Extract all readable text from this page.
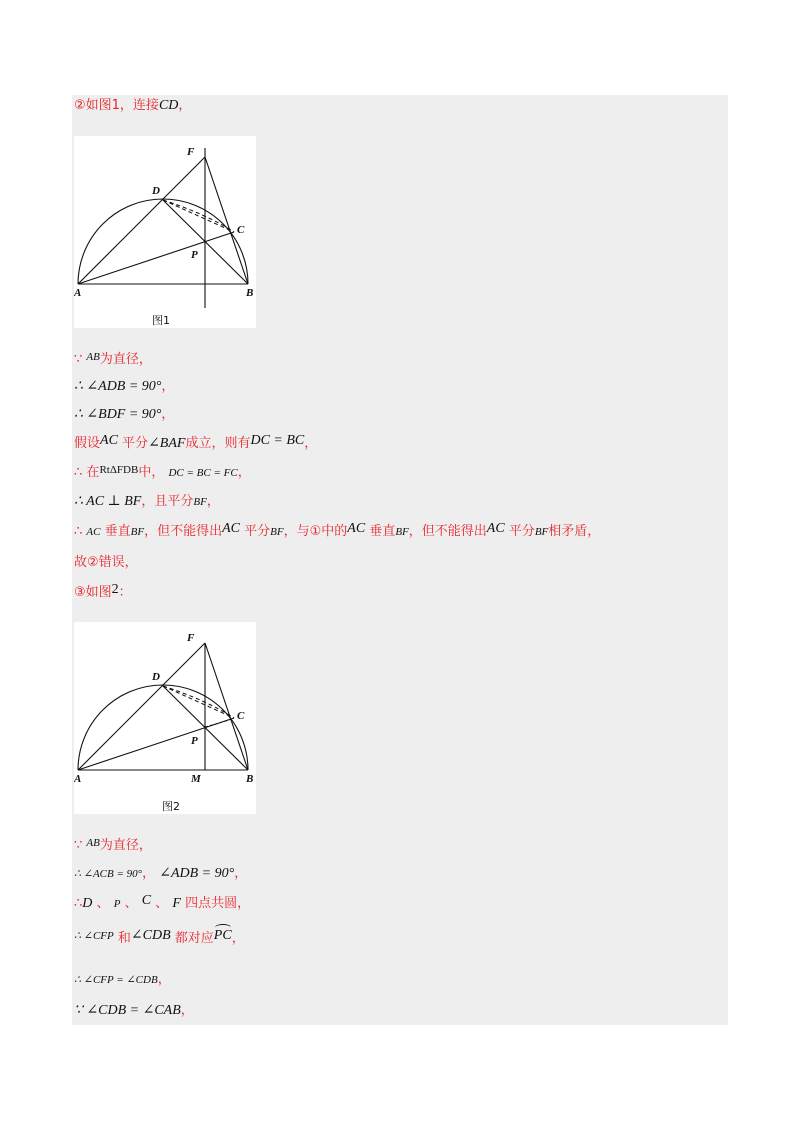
②如图1，连接CD，
A	B
C
D
F
P
图1
∵ $^{AB}$为直径，
∴ ∠ADB = 90°，
∴ ∠BDF = 90°，
假设AC 平分∠BAF成立，则有DC = BC，
∴ 在$^{Rt\Delta FDB}$中， DC = BC = FC，
∴ AC ⊥ BF，且平分BF，
∴ AC 垂直BF，但不能得出AC 平分BF，与①中的AC 垂直BF，但不能得出AC 平分BF相矛盾，
故②错误，
③如图2：
A	B
C
D
F
P
M
图2
∵ $^{AB}$为直径，
∴ ∠ACB = 90°， ∠ADB = 90°，
∴D 、 P 、 C 、 F 四点共圆，
$^{\therefore \angle CFP}$ 和∠CDB 都对应
PC，
∴ ∠CFP = ∠CDB，
∵ ∠CDB = ∠CAB，
